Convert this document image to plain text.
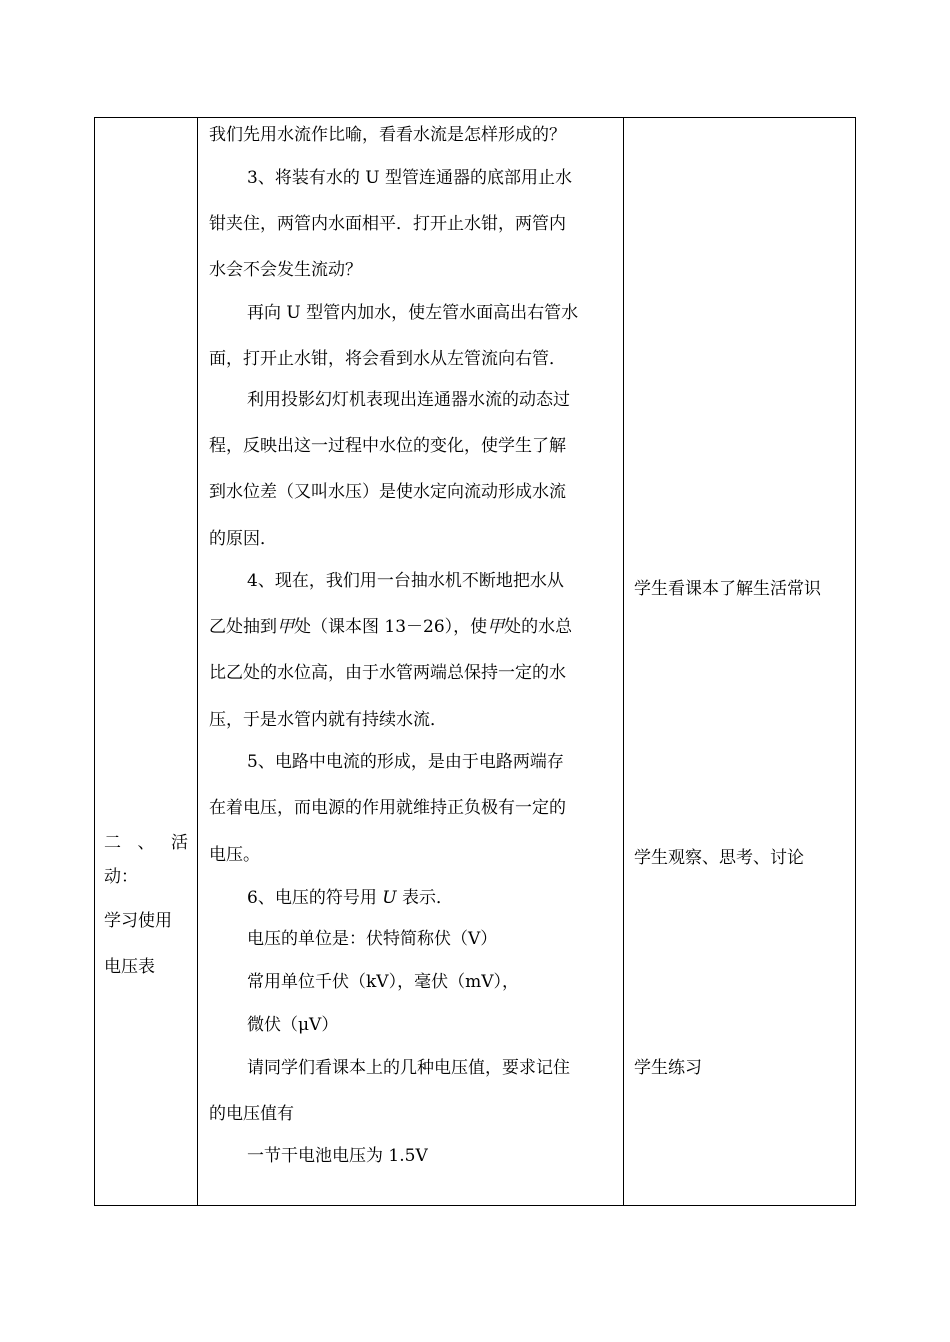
二 、 活
动：
学习使用
电压表

我们先用水流作比喻，看看水流是怎样形成的？

3、将装有水的 U 型管连通器的底部用止水

钳夹住，两管内水面相平．打开止水钳，两管内

水会不会发生流动？

再向 U 型管内加水，使左管水面高出右管水

面，打开止水钳，将会看到水从左管流向右管．

利用投影幻灯机表现出连通器水流的动态过

程，反映出这一过程中水位的变化，使学生了解

到水位差（又叫水压）是使水定向流动形成水流

的原因．

4、现在，我们用一台抽水机不断地把水从

乙处抽到甲处（课本图 13－26），使甲处的水总

比乙处的水位高，由于水管两端总保持一定的水

压，于是水管内就有持续水流．

5、电路中电流的形成，是由于电路两端存

在着电压，而电源的作用就维持正负极有一定的

电压。

6、电压的符号用 U 表示．

电压的单位是：伏特简称伏（V）

常用单位千伏（kV），毫伏（mV），

微伏（μV）

请同学们看课本上的几种电压值，要求记住

的电压值有

一节干电池电压为 1.5V

学生看课本了解生活常识

学生观察、思考、讨论

学生练习
